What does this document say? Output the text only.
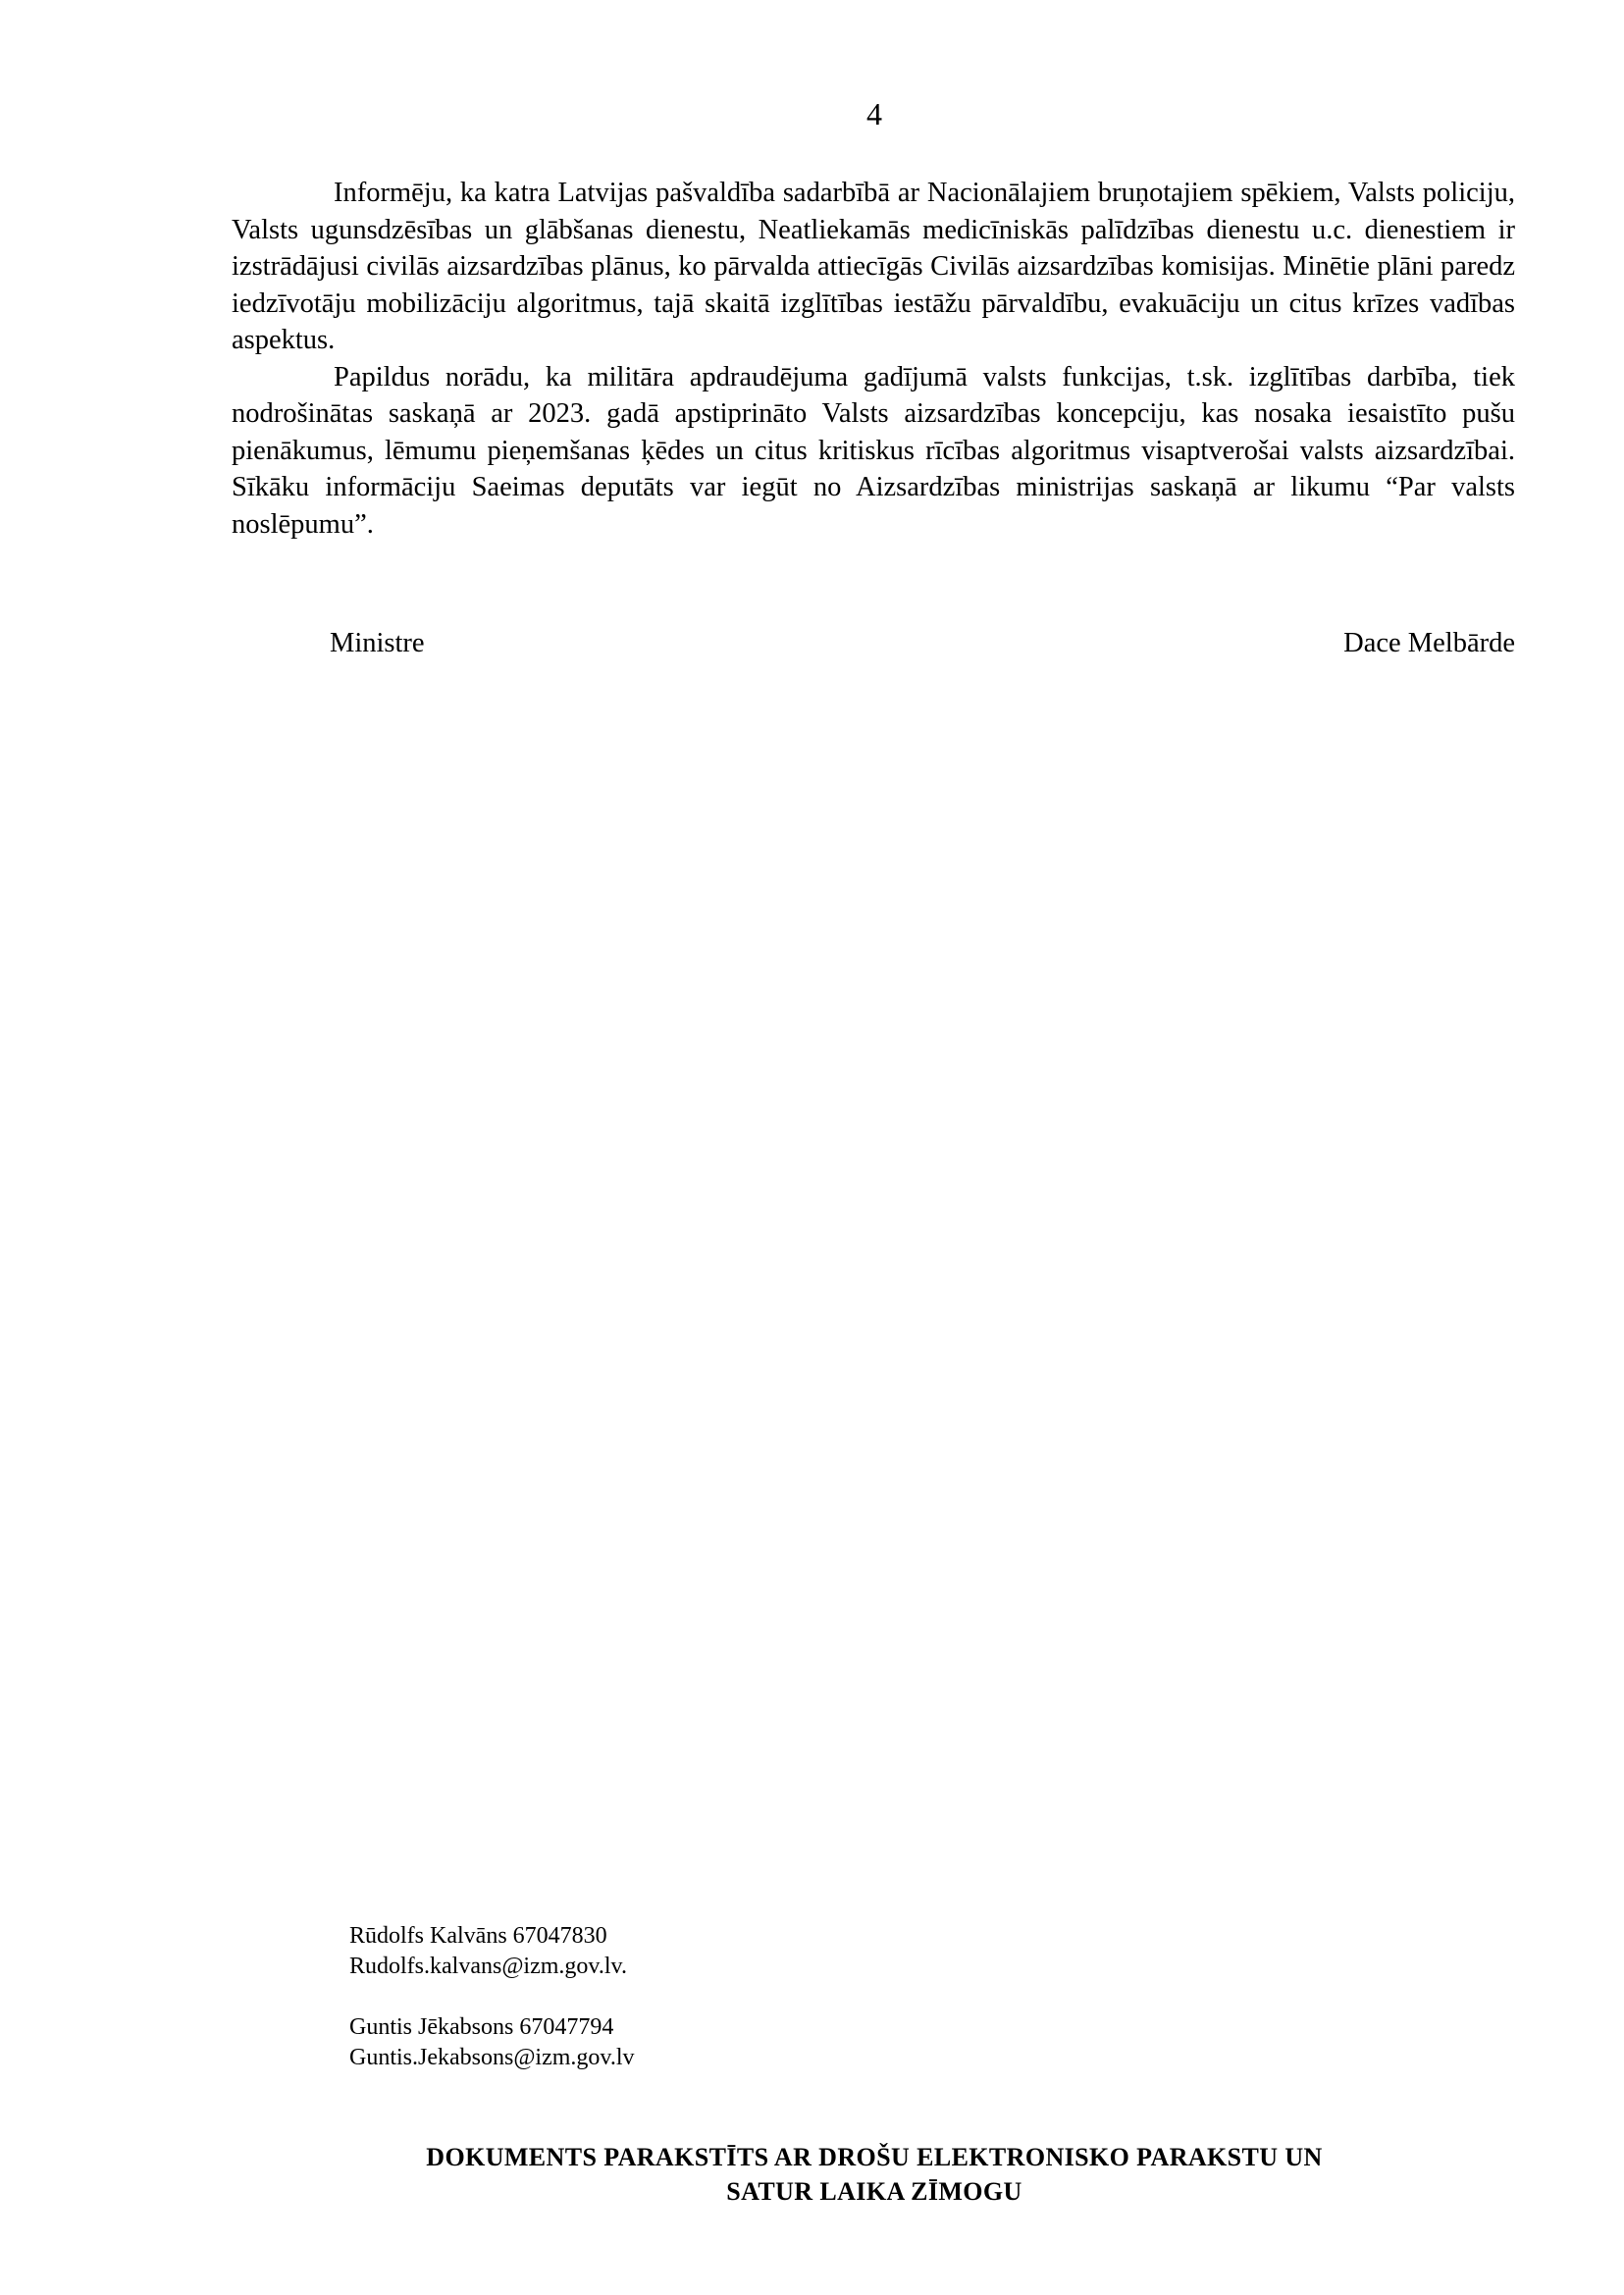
4

Informēju, ka katra Latvijas pašvaldība sadarbībā ar Nacionālajiem bruņotajiem spēkiem, Valsts policiju, Valsts ugunsdzēsības un glābšanas dienestu, Neatliekamās medicīniskās palīdzības dienestu u.c. dienestiem ir izstrādājusi civilās aizsardzības plānus, ko pārvalda attiecīgās Civilās aizsardzības komisijas. Minētie plāni paredz iedzīvotāju mobilizāciju algoritmus, tajā skaitā izglītības iestāžu pārvaldību, evakuāciju un citus krīzes vadības aspektus.

Papildus norādu, ka militāra apdraudējuma gadījumā valsts funkcijas, t.sk. izglītības darbība, tiek nodrošinātas saskaņā ar 2023. gadā apstiprināto Valsts aizsardzības koncepciju, kas nosaka iesaistīto pušu pienākumus, lēmumu pieņemšanas ķēdes un citus kritiskus rīcības algoritmus visaptverošai valsts aizsardzībai. Sīkāku informāciju Saeimas deputāts var iegūt no Aizsardzības ministrijas saskaņā ar likumu “Par valsts noslēpumu”.

Ministre	Dace Melbārde
Rūdolfs Kalvāns 67047830
Rudolfs.kalvans@izm.gov.lv.
Guntis Jēkabsons 67047794
Guntis.Jekabsons@izm.gov.lv
DOKUMENTS PARAKSTĪTS AR DROŠU ELEKTRONISKO PARAKSTU UN
SATUR LAIKA ZĪMOGU
